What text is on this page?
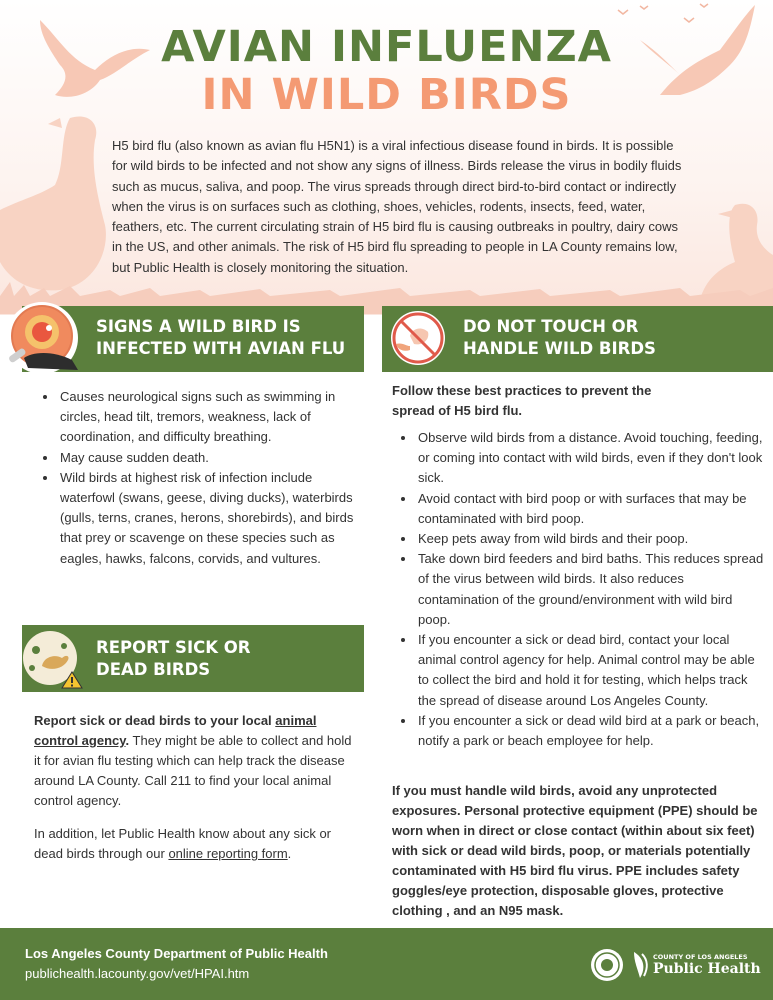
AVIAN INFLUENZA
IN WILD BIRDS
H5 bird flu (also known as avian flu H5N1) is a viral infectious disease found in birds. It is possible for wild birds to be infected and not show any signs of illness. Birds release the virus in bodily fluids such as mucus, saliva, and poop. The virus spreads through direct bird-to-bird contact or indirectly when the virus is on surfaces such as clothing, shoes, vehicles, rodents, insects, feed, water, feathers, etc. The current circulating strain of H5 bird flu is causing outbreaks in poultry, dairy cows in the US, and other animals. The risk of H5 bird flu spreading to people in LA County remains low, but Public Health is closely monitoring the situation.
SIGNS A WILD BIRD IS
INFECTED WITH AVIAN FLU
• Causes neurological signs such as swimming in circles, head tilt, tremors, weakness, lack of coordination, and difficulty breathing.
• May cause sudden death.
• Wild birds at highest risk of infection include waterfowl (swans, geese, diving ducks), waterbirds (gulls, terns, cranes, herons, shorebirds), and birds that prey or scavenge on these species such as eagles, hawks, falcons, corvids, and vultures.
REPORT SICK OR
DEAD BIRDS
Report sick or dead birds to your local animal control agency. They might be able to collect and hold it for avian flu testing which can help track the disease around LA County. Call 211 to find your local animal control agency.
In addition, let Public Health know about any sick or dead birds through our online reporting form.
DO NOT TOUCH OR
HANDLE WILD BIRDS
Follow these best practices to prevent the spread of H5 bird flu.
• Observe wild birds from a distance. Avoid touching, feeding, or coming into contact with wild birds, even if they don't look sick.
• Avoid contact with bird poop or with surfaces that may be contaminated with bird poop.
• Keep pets away from wild birds and their poop.
• Take down bird feeders and bird baths. This reduces spread of the virus between wild birds. It also reduces contamination of the ground/environment with wild bird poop.
• If you encounter a sick or dead bird, contact your local animal control agency for help. Animal control may be able to collect the bird and hold it for testing, which helps track the spread of disease around Los Angeles County.
• If you encounter a sick or dead wild bird at a park or beach, notify a park or beach employee for help.
If you must handle wild birds, avoid any unprotected exposures. Personal protective equipment (PPE) should be worn when in direct or close contact (within about six feet) with sick or dead wild birds, poop, or materials potentially contaminated with H5 bird flu virus. PPE includes safety goggles/eye protection, disposable gloves, protective clothing , and an N95 mask.
Los Angeles County Department of Public Health
publichealth.lacounty.gov/vet/HPAI.htm
COUNTY OF LOS ANGELES
Public Health
